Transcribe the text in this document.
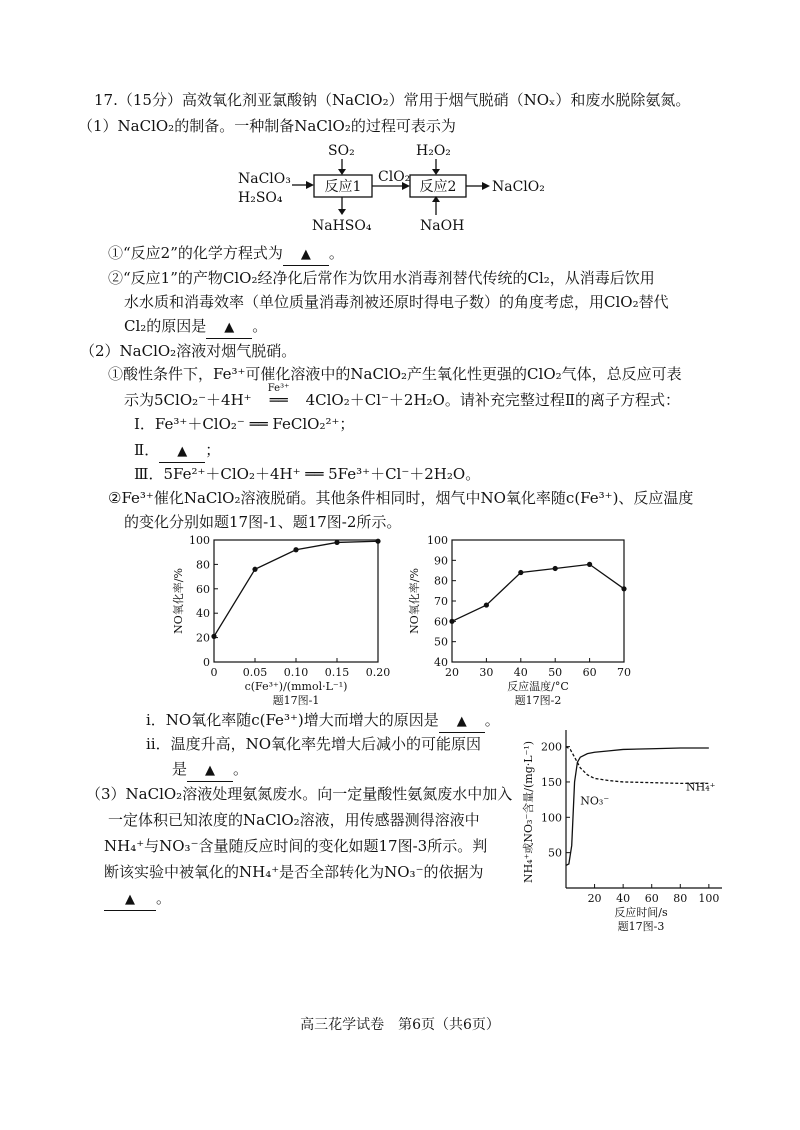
17.（15分）高效氧化剂亚氯酸钠（NaClO₂）常用于烟气脱硝（NOₓ）和废水脱除氨氮。
（1）NaClO₂的制备。一种制备NaClO₂的过程可表示为
NaClO₃
H₂SO₄
SO₂
反应1
NaHSO₄
ClO₂
H₂O₂
反应2
NaOH
NaClO₂
①“反应2”的化学方程式为 ▲ 。
②“反应1”的产物ClO₂经净化后常作为饮用水消毒剂替代传统的Cl₂，从消毒后饮用
水水质和消毒效率（单位质量消毒剂被还原时得电子数）的角度考虑，用ClO₂替代
Cl₂的原因是 ▲ 。
（2）NaClO₂溶液对烟气脱硝。
①酸性条件下，Fe³⁺可催化溶液中的NaClO₂产生氧化性更强的ClO₂气体，总反应可表
示为5ClO₂⁻＋4H⁺
Fe³⁺
══ 4ClO₂＋Cl⁻＋2H₂O。请补充完整过程Ⅱ的离子方程式：
Ⅰ．Fe³⁺＋ClO₂⁻ ══ FeClO₂²⁺；
Ⅱ． ▲ ；
Ⅲ．5Fe²⁺＋ClO₂＋4H⁺ ══ 5Fe³⁺＋Cl⁻＋2H₂O。
②Fe³⁺催化NaClO₂溶液脱硝。其他条件相同时，烟气中NO氧化率随c(Fe³⁺)、反应温度
的变化分别如题17图-1、题17图-2所示。
0
20
40
60
80
100
0 0.05 0.10 0.15 0.20
c(Fe³⁺)/(mmol·L⁻¹)
NO氧化率/%
题17图-1
40
50
60
70
80
90
100
20 30 40 50 60 70
反应温度/°C
NO氧化率/%
题17图-2
ⅰ．NO氧化率随c(Fe³⁺)增大而增大的原因是 ▲ 。
ⅱ．温度升高，NO氧化率先增大后减小的可能原因
是 ▲ 。
（3）NaClO₂溶液处理氨氮废水。向一定量酸性氨氮废水中加入
一定体积已知浓度的NaClO₂溶液，用传感器测得溶液中
NH₄⁺与NO₃⁻含量随反应时间的变化如题17图-3所示。判
断该实验中被氧化的NH₄⁺是否全部转化为NO₃⁻的依据为
▲ 。
50
100
150
200
20 40 60 80 100
反应时间/s
题17图-3
NH₄⁺或NO₃⁻含量/(mg·L⁻¹)	NO₃⁻
NH₄⁺
高三花学试卷　第6页（共6页）
